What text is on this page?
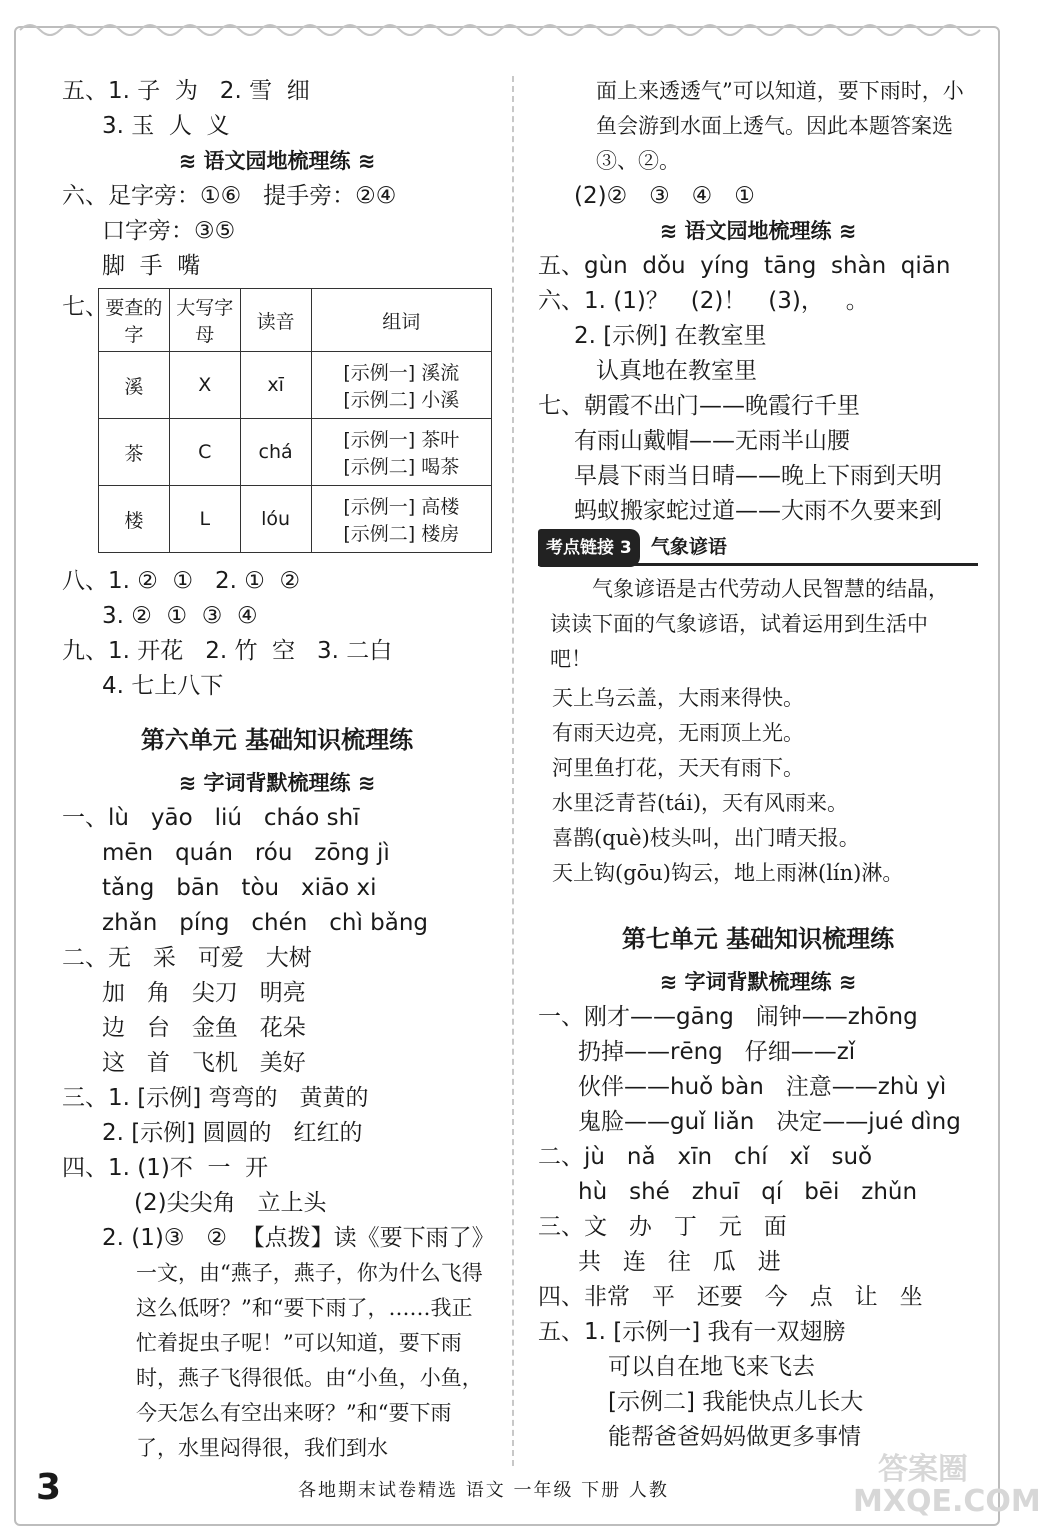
五、1. 子  为   2. 雪  细
3. 玉  人  义
≋ 语文园地梳理练 ≋
六、足字旁：①⑥   提手旁：②④
口字旁：③⑤
脚  手  嘴
七、
要查的字	大写字母	读音	组词
溪	X	xī	[示例一] 溪流
[示例二] 小溪

茶	C	chá	[示例一] 茶叶
[示例二] 喝茶

楼	L	lóu	[示例一] 高楼
[示例二] 楼房
八、1. ②  ①   2. ①  ②
3. ②  ①  ③  ④
九、1. 开花   2. 竹  空   3. 二白
4. 七上八下
第六单元 基础知识梳理练
≋ 字词背默梳理练 ≋
一、lù   yāo   liú   cháo shī
mēn   quán   róu   zōng jì
tǎng   bān   tòu   xiāo xi
zhǎn   píng   chén   chì bǎng
二、无   采   可爱   大树
加   角   尖刀   明亮
边   台   金鱼   花朵
这   首   飞机   美好
三、1. [示例] 弯弯的   黄黄的
2. [示例] 圆圆的   红红的
四、1. (1)不  一  开
(2)尖尖角   立上头
2. (1)③   ②  【点拨】读《要下雨了》
一文，由“燕子，燕子，你为什么飞得这么低呀？”和“要下雨了，……我正忙着捉虫子呢！”可以知道，要下雨时，燕子飞得很低。由“小鱼，小鱼，今天怎么有空出来呀？”和“要下雨了，水里闷得很，我们到水
面上来透透气”可以知道，要下雨时，小鱼会游到水面上透气。因此本题答案选③、②。
(2)②   ③   ④   ①
≋ 语文园地梳理练 ≋
五、gùn  dǒu  yíng  tāng  shàn  qiān
六、1. (1)？   (2)！   (3)，   。
2. [示例] 在教室里
认真地在教室里
七、朝霞不出门——晚霞行千里
有雨山戴帽——无雨半山腰
早晨下雨当日晴——晚上下雨到天明
蚂蚁搬家蛇过道——大雨不久要来到
考点链接 3 气象谚语
气象谚语是古代劳动人民智慧的结晶，读读下面的气象谚语，试着运用到生活中吧！
天上乌云盖，大雨来得快。
有雨天边亮，无雨顶上光。
河里鱼打花，天天有雨下。
水里泛青苔(tái)，天有风雨来。
喜鹊(què)枝头叫，出门晴天报。
天上钩(gōu)钩云，地上雨淋(lín)淋。
第七单元 基础知识梳理练
≋ 字词背默梳理练 ≋
一、刚才——gāng   闹钟——zhōng
扔掉——rēng   仔细——zǐ
伙伴——huǒ bàn   注意——zhù yì
鬼脸——guǐ liǎn   决定——jué dìng
二、jù   nǎ   xīn   chí   xǐ   suǒ
hù   shé   zhuī   qí   bēi   zhǔn
三、文   办   丁   元   面
共   连   往   瓜   进
四、非常   平   还要   今   点   让   坐
五、1. [示例一] 我有一双翅膀
可以自在地飞来飞去
[示例二] 我能快点儿长大
能帮爸爸妈妈做更多事情
3	各地期末试卷精选 语文 一年级 下册 人教
答案圈
MXQE.COM
